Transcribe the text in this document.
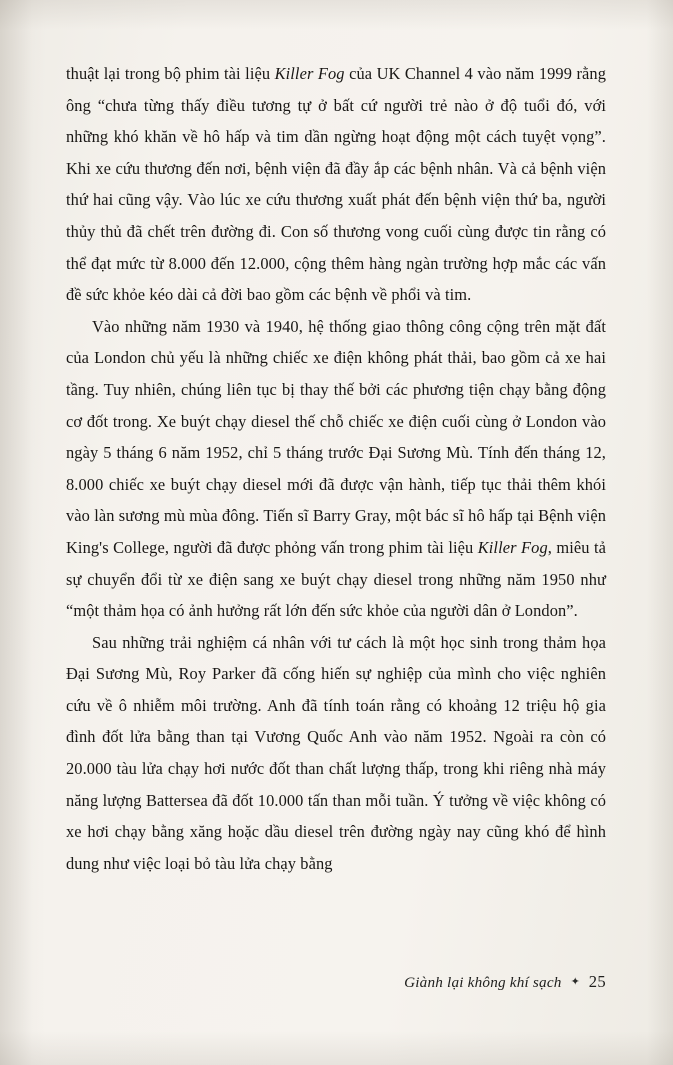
thuật lại trong bộ phim tài liệu Killer Fog của UK Channel 4 vào năm 1999 rằng ông “chưa từng thấy điều tương tự ở bất cứ người trẻ nào ở độ tuổi đó, với những khó khăn về hô hấp và tim dần ngừng hoạt động một cách tuyệt vọng”. Khi xe cứu thương đến nơi, bệnh viện đã đầy ắp các bệnh nhân. Và cả bệnh viện thứ hai cũng vậy. Vào lúc xe cứu thương xuất phát đến bệnh viện thứ ba, người thủy thủ đã chết trên đường đi. Con số thương vong cuối cùng được tin rằng có thể đạt mức từ 8.000 đến 12.000, cộng thêm hàng ngàn trường hợp mắc các vấn đề sức khỏe kéo dài cả đời bao gồm các bệnh về phổi và tim.

Vào những năm 1930 và 1940, hệ thống giao thông công cộng trên mặt đất của London chủ yếu là những chiếc xe điện không phát thải, bao gồm cả xe hai tầng. Tuy nhiên, chúng liên tục bị thay thế bởi các phương tiện chạy bằng động cơ đốt trong. Xe buýt chạy diesel thế chỗ chiếc xe điện cuối cùng ở London vào ngày 5 tháng 6 năm 1952, chỉ 5 tháng trước Đại Sương Mù. Tính đến tháng 12, 8.000 chiếc xe buýt chạy diesel mới đã được vận hành, tiếp tục thải thêm khói vào làn sương mù mùa đông. Tiến sĩ Barry Gray, một bác sĩ hô hấp tại Bệnh viện King's College, người đã được phỏng vấn trong phim tài liệu Killer Fog, miêu tả sự chuyển đổi từ xe điện sang xe buýt chạy diesel trong những năm 1950 như “một thảm họa có ảnh hưởng rất lớn đến sức khỏe của người dân ở London”.

Sau những trải nghiệm cá nhân với tư cách là một học sinh trong thảm họa Đại Sương Mù, Roy Parker đã cống hiến sự nghiệp của mình cho việc nghiên cứu về ô nhiễm môi trường. Anh đã tính toán rằng có khoảng 12 triệu hộ gia đình đốt lửa bằng than tại Vương Quốc Anh vào năm 1952. Ngoài ra còn có 20.000 tàu lửa chạy hơi nước đốt than chất lượng thấp, trong khi riêng nhà máy năng lượng Battersea đã đốt 10.000 tấn than mỗi tuần. Ý tưởng về việc không có xe hơi chạy bằng xăng hoặc dầu diesel trên đường ngày nay cũng khó để hình dung như việc loại bỏ tàu lửa chạy bằng

Giành lại không khí sạch ✦ 25
